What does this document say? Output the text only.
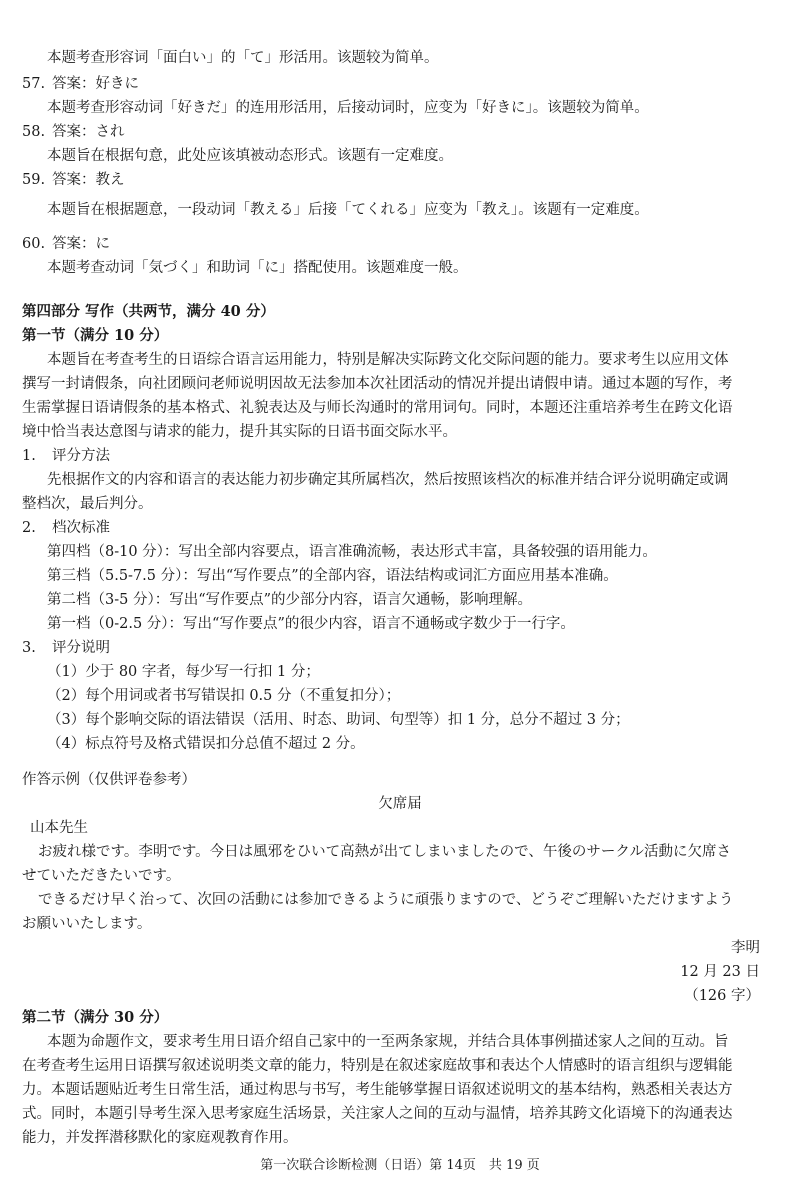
本题考查形容词「面白い」的「て」形活用。该题较为简单。
57. 答案：好きに
本题考查形容动词「好きだ」的连用形活用，后接动词时，应变为「好きに」。该题较为简单。
58. 答案：され
本题旨在根据句意，此处应该填被动态形式。该题有一定难度。
59. 答案：教え
本题旨在根据题意，一段动词「教える」后接「てくれる」应变为「教え」。该题有一定难度。
60. 答案：に
本题考查动词「気づく」和助词「に」搭配使用。该题难度一般。
第四部分 写作（共两节，满分 40 分）
第一节（满分 10 分）
本题旨在考查考生的日语综合语言运用能力，特别是解决实际跨文化交际问题的能力。要求考生以应用文体
撰写一封请假条，向社团顾问老师说明因故无法参加本次社团活动的情况并提出请假申请。通过本题的写作，考
生需掌握日语请假条的基本格式、礼貌表达及与师长沟通时的常用词句。同时，本题还注重培养考生在跨文化语
境中恰当表达意图与请求的能力，提升其实际的日语书面交际水平。
1. 评分方法
先根据作文的内容和语言的表达能力初步确定其所属档次，然后按照该档次的标准并结合评分说明确定或调
整档次，最后判分。
2. 档次标准
第四档（8-10 分）：写出全部内容要点，语言准确流畅，表达形式丰富，具备较强的语用能力。
第三档（5.5-7.5 分）：写出“写作要点”的全部内容，语法结构或词汇方面应用基本准确。
第二档（3-5 分）：写出“写作要点”的少部分内容，语言欠通畅，影响理解。
第一档（0-2.5 分）：写出“写作要点”的很少内容，语言不通畅或字数少于一行字。
3. 评分说明
（1）少于 80 字者，每少写一行扣 1 分；
（2）每个用词或者书写错误扣 0.5 分（不重复扣分）；
（3）每个影响交际的语法错误（活用、时态、助词、句型等）扣 1 分，总分不超过 3 分；
（4）标点符号及格式错误扣分总值不超过 2 分。
作答示例（仅供评卷参考）
欠席届
山本先生
お疲れ様です。李明です。今日は風邪をひいて高熱が出てしまいましたので、午後のサークル活動に欠席さ
せていただきたいです。
できるだけ早く治って、次回の活動には参加できるように頑張りますので、どうぞご理解いただけますよう
お願いいたします。
李明
12 月 23 日
（126 字）
第二节（满分 30 分）
本题为命题作文，要求考生用日语介绍自己家中的一至两条家规，并结合具体事例描述家人之间的互动。旨
在考查考生运用日语撰写叙述说明类文章的能力，特别是在叙述家庭故事和表达个人情感时的语言组织与逻辑能
力。本题话题贴近考生日常生活，通过构思与书写，考生能够掌握日语叙述说明文的基本结构，熟悉相关表达方
式。同时，本题引导考生深入思考家庭生活场景，关注家人之间的互动与温情，培养其跨文化语境下的沟通表达
能力，并发挥潜移默化的家庭观教育作用。
第一次联合诊断检测（日语）第 14页　共 19 页
